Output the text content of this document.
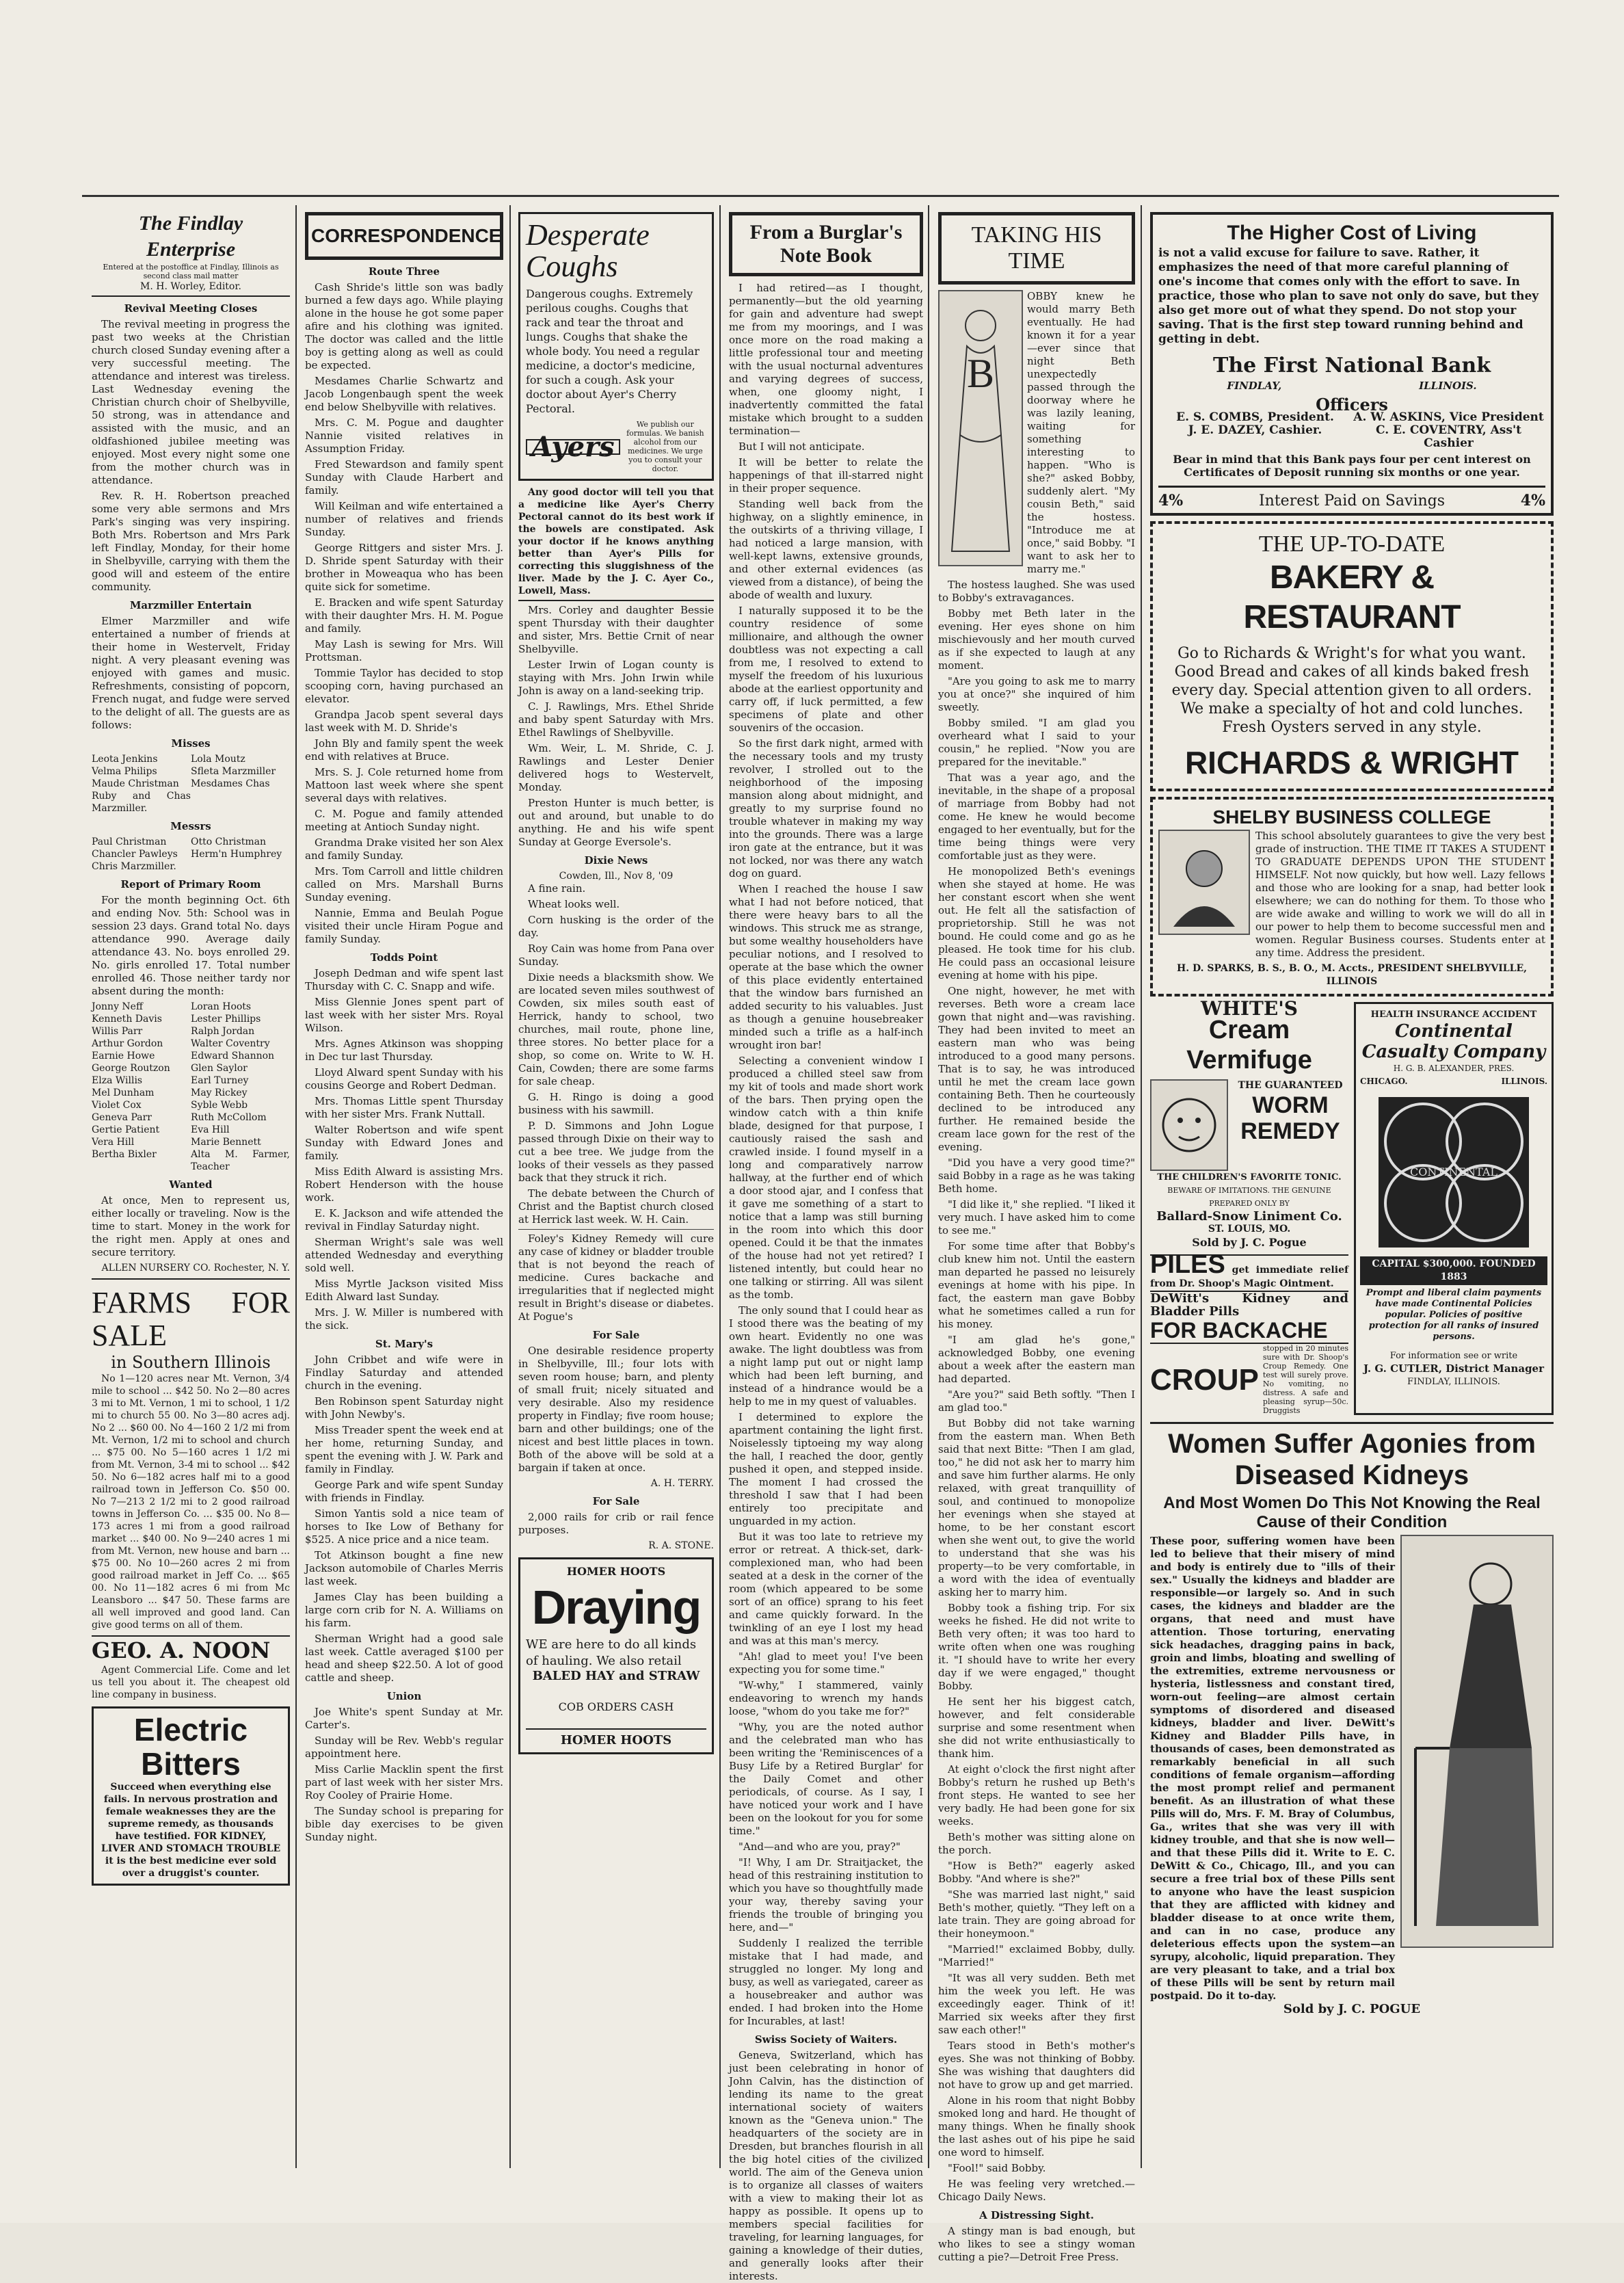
The Findlay Enterprise
Entered at the postoffice at Findlay, Illinois as second class mail matter
M. H. Worley, Editor.
Revival Meeting Closes

The revival meeting in progress the past two weeks at the Christian church closed Sunday evening after a very successful meeting. The attendance and interest was tireless. Last Wednesday evening the Christian church choir of Shelbyville, 50 strong, was in attendance and assisted with the music, and an oldfashioned jubilee meeting was enjoyed. Most every night some one from the mother church was in attendance.

Rev. R. H. Robertson preached some very able sermons and Mrs Park's singing was very inspiring. Both Mrs. Robertson and Mrs Park left Findlay, Monday, for their home in Shelbyville, carrying with them the good will and esteem of the entire community.

Marzmiller Entertain

Elmer Marzmiller and wife entertained a number of friends at their home in Westervelt, Friday night. A very pleasant evening was enjoyed with games and music. Refreshments, consisting of popcorn, French nugat, and fudge were served to the delight of all. The guests are as follows:

Misses
Leota Jenkins	Lola Moutz
Velma Philips	Sfleta Marzmiller
Maude Christman	Mesdames Chas
Ruby and Chas Marzmiller.
Messrs
Paul Christman	Otto Christman
Chancler Pawleys	Herm'n Humphrey
Chris Marzmiller.
Report of Primary Room

For the month beginning Oct. 6th and ending Nov. 5th: School was in session 23 days. Grand total No. days attendance 990. Average daily attendance 43. No. boys enrolled 29. No. girls enrolled 17. Total number enrolled 46. Those neither tardy nor absent during the month:

Jonny Neff	Loran Hoots
Kenneth Davis	Lester Phillips
Willis Parr	Ralph Jordan
Arthur Gordon	Walter Coventry
Earnie Howe	Edward Shannon
George Routzon	Glen Saylor
Elza Willis	Earl Turney
Mel Dunham	May Rickey
Violet Cox	Syble Webb
Geneva Parr	Ruth McCollom
Gertie Patient	Eva Hill
Vera Hill	Marie Bennett
Bertha Bixler	Alta M. Farmer, Teacher
Wanted

At once, Men to represent us, either locally or traveling. Now is the time to start. Money in the work for the right men. Apply at ones and secure territory.

ALLEN NURSERY CO. Rochester, N. Y.
FARMS FOR SALE
in Southern Illinois

No 1—120 acres near Mt. Vernon, 3/4 mile to school ... $42 50. No 2—80 acres 3 mi to Mt. Vernon, 1 mi to school, 1 1/2 mi to church 55 00. No 3—80 acres adj. No 2 ... $60 00. No 4—160 2 1/2 mi from Mt. Vernon, 1/2 mi to school and church ... $75 00. No 5—160 acres 1 1/2 mi from Mt. Vernon, 3-4 mi to school ... $42 50. No 6—182 acres half mi to a good railroad town in Jefferson Co. $50 00. No 7—213 2 1/2 mi to 2 good railroad towns in Jefferson Co. ... $35 00. No 8—173 acres 1 mi from a good railroad market ... $40 00. No 9—240 acres 1 mi from Mt. Vernon, new house and barn ... $75 00. No 10—260 acres 2 mi from good railroad market in Jeff Co. ... $65 00. No 11—182 acres 6 mi from Mc Leansboro ... $47 50. These farms are all well improved and good land. Can give good terms on all of them.

GEO. A. NOON

Agent Commercial Life. Come and let us tell you about it. The cheapest old line company in business.

Electric Bitters
Succeed when everything else fails. In nervous prostration and female weaknesses they are the supreme remedy, as thousands have testified. FOR KIDNEY, LIVER AND STOMACH TROUBLE it is the best medicine ever sold over a druggist's counter.
CORRESPONDENCE
Route Three

Cash Shride's little son was badly burned a few days ago. While playing alone in the house he got some paper afire and his clothing was ignited. The doctor was called and the little boy is getting along as well as could be expected.

Mesdames Charlie Schwartz and Jacob Longenbaugh spent the week end below Shelbyville with relatives.

Mrs. C. M. Pogue and daughter Nannie visited relatives in Assumption Friday.

Fred Stewardson and family spent Sunday with Claude Harbert and family.

Will Keilman and wife entertained a number of relatives and friends Sunday.

George Rittgers and sister Mrs. J. D. Shride spent Saturday with their brother in Moweaqua who has been quite sick for sometime.

E. Bracken and wife spent Saturday with their daughter Mrs. H. M. Pogue and family.

May Lash is sewing for Mrs. Will Prottsman.

Tommie Taylor has decided to stop scooping corn, having purchased an elevator.

Grandpa Jacob spent several days last week with M. D. Shride's

John Bly and family spent the week end with relatives at Bruce.

Mrs. S. J. Cole returned home from Mattoon last week where she spent several days with relatives.

C. M. Pogue and family attended meeting at Antioch Sunday night.

Grandma Drake visited her son Alex and family Sunday.

Mrs. Tom Carroll and little children called on Mrs. Marshall Burns Sunday evening.

Nannie, Emma and Beulah Pogue visited their uncle Hiram Pogue and family Sunday.

Todds Point

Joseph Dedman and wife spent last Thursday with C. C. Snapp and wife.

Miss Glennie Jones spent part of last week with her sister Mrs. Royal Wilson.

Mrs. Agnes Atkinson was shopping in Dec tur last Thursday.

Lloyd Alward spent Sunday with his cousins George and Robert Dedman.

Mrs. Thomas Little spent Thursday with her sister Mrs. Frank Nuttall.

Walter Robertson and wife spent Sunday with Edward Jones and family.

Miss Edith Alward is assisting Mrs. Robert Henderson with the house work.

E. K. Jackson and wife attended the revival in Findlay Saturday night.

Sherman Wright's sale was well attended Wednesday and everything sold well.

Miss Myrtle Jackson visited Miss Edith Alward last Sunday.

Mrs. J. W. Miller is numbered with the sick.

St. Mary's

John Cribbet and wife were in Findlay Saturday and attended church in the evening.

Ben Robinson spent Saturday night with John Newby's.

Miss Treader spent the week end at her home, returning Sunday, and spent the evening with J. W. Park and family in Findlay.

George Park and wife spent Sunday with friends in Findlay.

Simon Yantis sold a nice team of horses to Ike Low of Bethany for $525. A nice price and a nice team.

Tot Atkinson bought a fine new Jackson automobile of Charles Merris last week.

James Clay has been building a large corn crib for N. A. Williams on his farm.

Sherman Wright had a good sale last week. Cattle averaged $100 per head and sheep $22.50. A lot of good cattle and sheep.

Union

Joe White's spent Sunday at Mr. Carter's.

Sunday will be Rev. Webb's regular appointment here.

Miss Carlie Macklin spent the first part of last week with her sister Mrs. Roy Cooley of Prairie Home.

The Sunday school is preparing for bible day exercises to be given Sunday night.

Desperate Coughs
Dangerous coughs. Extremely perilous coughs. Coughs that rack and tear the throat and lungs. Coughs that shake the whole body. You need a regular medicine, a doctor's medicine, for such a cough. Ask your doctor about Ayer's Cherry Pectoral.
Ayers
We publish our formulas. We banish alcohol from our medicines. We urge you to consult your doctor.

Any good doctor will tell you that a medicine like Ayer's Cherry Pectoral cannot do its best work if the bowels are constipated. Ask your doctor if he knows anything better than Ayer's Pills for correcting this sluggishness of the liver. Made by the J. C. Ayer Co., Lowell, Mass.

Mrs. Corley and daughter Bessie spent Thursday with their daughter and sister, Mrs. Bettie Crnit of near Shelbyville.

Lester Irwin of Logan county is staying with Mrs. John Irwin while John is away on a land-seeking trip.

C. J. Rawlings, Mrs. Ethel Shride and baby spent Saturday with Mrs. Ethel Rawlings of Shelbyville.

Wm. Weir, L. M. Shride, C. J. Rawlings and Lester Denier delivered hogs to Westervelt, Monday.

Preston Hunter is much better, is out and around, but unable to do anything. He and his wife spent Sunday at George Eversole's.

Dixie News
Cowden, Ill., Nov 8, '09

A fine rain.

Wheat looks well.

Corn husking is the order of the day.

Roy Cain was home from Pana over Sunday.

Dixie needs a blacksmith show. We are located seven miles southwest of Cowden, six miles south east of Herrick, handy to school, two churches, mail route, phone line, three stores. No better place for a shop, so come on. Write to W. H. Cain, Cowden; there are some farms for sale cheap.

G. H. Ringo is doing a good business with his sawmill.

P. D. Simmons and John Logue passed through Dixie on their way to cut a bee tree. We judge from the looks of their vessels as they passed back that they struck it rich.

The debate between the Church of Christ and the Baptist church closed at Herrick last week. W. H. Cain.

Foley's Kidney Remedy will cure any case of kidney or bladder trouble that is not beyond the reach of medicine. Cures backache and irregularities that if neglected might result in Bright's disease or diabetes. At Pogue's

For Sale

One desirable residence property in Shelbyville, Ill.; four lots with seven room house; barn, and plenty of small fruit; nicely situated and very desirable. Also my residence property in Findlay; five room house; barn and other buildings; one of the nicest and best little places in town. Both of the above will be sold at a bargain if taken at once.

A. H. TERRY.
For Sale

2,000 rails for crib or rail fence purposes.

R. A. STONE.
HOMER HOOTS
Draying
WE are here to do all kinds of hauling. We also retail
BALED HAY and STRAW
COB ORDERS CASH
HOMER HOOTS
From a Burglar's Note Book

I had retired—as I thought, permanently—but the old yearning for gain and adventure had swept me from my moorings, and I was once more on the road making a little professional tour and meeting with the usual nocturnal adventures and varying degrees of success, when, one gloomy night, I inadvertently committed the fatal mistake which brought to a sudden termination—

But I will not anticipate.

It will be better to relate the happenings of that ill-starred night in their proper sequence.

Standing well back from the highway, on a slightly eminence, in the outskirts of a thriving village, I had noticed a large mansion, with well-kept lawns, extensive grounds, and other external evidences (as viewed from a distance), of being the abode of wealth and luxury.

I naturally supposed it to be the country residence of some millionaire, and although the owner doubtless was not expecting a call from me, I resolved to extend to myself the freedom of his luxurious abode at the earliest opportunity and carry off, if luck permitted, a few specimens of plate and other souvenirs of the occasion.

So the first dark night, armed with the necessary tools and my trusty revolver, I strolled out to the neighborhood of the imposing mansion along about midnight, and greatly to my surprise found no trouble whatever in making my way into the grounds. There was a large iron gate at the entrance, but it was not locked, nor was there any watch dog on guard.

When I reached the house I saw what I had not before noticed, that there were heavy bars to all the windows. This struck me as strange, but some wealthy householders have peculiar notions, and I resolved to operate at the base which the owner of this place evidently entertained that the window bars furnished an added security to his valuables. Just as though a genuine housebreaker minded such a trifle as a half-inch wrought iron bar!

Selecting a convenient window I produced a chilled steel saw from my kit of tools and made short work of the bars. Then prying open the window catch with a thin knife blade, designed for that purpose, I cautiously raised the sash and crawled inside. I found myself in a long and comparatively narrow hallway, at the further end of which a door stood ajar, and I confess that it gave me something of a start to notice that a lamp was still burning in the room into which this door opened. Could it be that the inmates of the house had not yet retired? I listened intently, but could hear no one talking or stirring. All was silent as the tomb.

The only sound that I could hear as I stood there was the beating of my own heart. Evidently no one was awake. The light doubtless was from a night lamp put out or night lamp which had been left burning, and instead of a hindrance would be a help to me in my quest of valuables.

I determined to explore the apartment containing the light first. Noiselessly tiptoeing my way along the hall, I reached the door, gently pushed it open, and stepped inside. The moment I had crossed the threshold I saw that I had been entirely too precipitate and unguarded in my action.

But it was too late to retrieve my error or retreat. A thick-set, dark-complexioned man, who had been seated at a desk in the corner of the room (which appeared to be some sort of an office) sprang to his feet and came quickly forward. In the twinkling of an eye I lost my head and was at this man's mercy.

"Ah! glad to meet you! I've been expecting you for some time."

"W-why," I stammered, vainly endeavoring to wrench my hands loose, "whom do you take me for?"

"Why, you are the noted author and the celebrated man who has been writing the 'Reminiscences of a Busy Life by a Retired Burglar' for the Daily Comet and other periodicals, of course. As I say, I have noticed your work and I have been on the lookout for you for some time."

"And—and who are you, pray?"

"I! Why, I am Dr. Straitjacket, the head of this restraining institution to which you have so thoughtfully made your way, thereby saving your friends the trouble of bringing you here, and—"

Suddenly I realized the terrible mistake that I had made, and struggled no longer. My long and busy, as well as variegated, career as a housebreaker and author was ended. I had broken into the Home for Incurables, at last!

Swiss Society of Waiters.

Geneva, Switzerland, which has just been celebrating in honor of John Calvin, has the distinction of lending its name to the great international society of waiters known as the "Geneva union." The headquarters of the society are in Dresden, but branches flourish in all the big hotel cities of the civilized world. The aim of the Geneva union is to organize all classes of waiters with a view to making their lot as happy as possible. It opens up to members special facilities for traveling, for learning languages, for gaining a knowledge of their duties, and generally looks after their interests.

TAKING HIS TIME
B

OBBY knew he would marry Beth eventually. He had known it for a year—ever since that night Beth unexpectedly passed through the doorway where he was lazily leaning, waiting for something interesting to happen. "Who is she?" asked Bobby, suddenly alert. "My cousin Beth," said the hostess. "Introduce me at once," said Bobby. "I want to ask her to marry me."

The hostess laughed. She was used to Bobby's extravagances.

Bobby met Beth later in the evening. Her eyes shone on him mischievously and her mouth curved as if she expected to laugh at any moment.

"Are you going to ask me to marry you at once?" she inquired of him sweetly.

Bobby smiled. "I am glad you overheard what I said to your cousin," he replied. "Now you are prepared for the inevitable."

That was a year ago, and the inevitable, in the shape of a proposal of marriage from Bobby had not come. He knew he would become engaged to her eventually, but for the time being things were very comfortable just as they were.

He monopolized Beth's evenings when she stayed at home. He was her constant escort when she went out. He felt all the satisfaction of proprietorship. Still he was not bound. He could come and go as he pleased. He took time for his club. He could pass an occasional leisure evening at home with his pipe.

One night, however, he met with reverses. Beth wore a cream lace gown that night and—was ravishing. They had been invited to meet an eastern man who was being introduced to a good many persons. That is to say, he was introduced until he met the cream lace gown containing Beth. Then he courteously declined to be introduced any further. He remained beside the cream lace gown for the rest of the evening.

"Did you have a very good time?" said Bobby in a rage as he was taking Beth home.

"I did like it," she replied. "I liked it very much. I have asked him to come to see me."

For some time after that Bobby's club knew him not. Until the eastern man departed he passed no leisurely evenings at home with his pipe. In fact, the eastern man gave Bobby what he sometimes called a run for his money.

"I am glad he's gone," acknowledged Bobby, one evening about a week after the eastern man had departed.

"Are you?" said Beth softly. "Then I am glad too."

But Bobby did not take warning from the eastern man. When Beth said that next Bitte: "Then I am glad, too," he did not ask her to marry him and save him further alarms. He only relaxed, with great tranquillity of soul, and continued to monopolize her evenings when she stayed at home, to be her constant escort when she went out, to give the world to understand that she was his property—to be very comfortable, in a word with the idea of eventually asking her to marry him.

Bobby took a fishing trip. For six weeks he fished. He did not write to Beth very often; it was too hard to write often when one was roughing it. "I should have to write her every day if we were engaged," thought Bobby.

He sent her his biggest catch, however, and felt considerable surprise and some resentment when she did not write enthusiastically to thank him.

At eight o'clock the first night after Bobby's return he rushed up Beth's front steps. He wanted to see her very badly. He had been gone for six weeks.

Beth's mother was sitting alone on the porch.

"How is Beth?" eagerly asked Bobby. "And where is she?"

"She was married last night," said Beth's mother, quietly. "They left on a late train. They are going abroad for their honeymoon."

"Married!" exclaimed Bobby, dully. "Married!"

"It was all very sudden. Beth met him the week you left. He was exceedingly eager. Think of it! Married six weeks after they first saw each other!"

Tears stood in Beth's mother's eyes. She was not thinking of Bobby. She was wishing that daughters did not have to grow up and get married.

Alone in his room that night Bobby smoked long and hard. He thought of many things. When he finally shook the last ashes out of his pipe he said one word to himself.

"Fool!" said Bobby.

He was feeling very wretched.—Chicago Daily News.

A Distressing Sight.

A stingy man is bad enough, but who likes to see a stingy woman cutting a pie?—Detroit Free Press.

The Higher Cost of Living
is not a valid excuse for failure to save. Rather, it emphasizes the need of that more careful planning of one's income that comes only with the effort to save. In practice, those who plan to save not only do save, but they also get more out of what they spend. Do not stop your saving. That is the first step toward running behind and getting in debt.
The First National Bank
FINDLAY,	ILLINOIS.
Officers
E. S. COMBS, President.	A. W. ASKINS, Vice President
J. E. DAZEY, Cashier.	C. E. COVENTRY, Ass't Cashier
Bear in mind that this Bank pays four per cent interest on Certificates of Deposit running six months or one year.
4%	Interest Paid on Savings	4%
THE UP-TO-DATE
BAKERY & RESTAURANT
Go to Richards & Wright's for what you want. Good Bread and cakes of all kinds baked fresh every day. Special attention given to all orders. We make a specialty of hot and cold lunches. Fresh Oysters served in any style.
RICHARDS & WRIGHT
SHELBY BUSINESS COLLEGE
This school absolutely guarantees to give the very best grade of instruction. THE TIME IT TAKES A STUDENT TO GRADUATE DEPENDS UPON THE STUDENT HIMSELF. Not now quickly, but how well. Lazy fellows and those who are looking for a snap, had better look elsewhere; we can do nothing for them. To those who are wide awake and willing to work we will do all in our power to help them to become successful men and women. Regular Business courses. Students enter at any time. Address the president.
H. D. SPARKS, B. S., B. O., M. Accts., PRESIDENT SHELBYVILLE, ILLINOIS
WHITE'S
Cream Vermifuge
THE GUARANTEED
WORM REMEDY
THE CHILDREN'S FAVORITE TONIC.
BEWARE OF IMITATIONS. THE GENUINE PREPARED ONLY BY
Ballard-Snow Liniment Co.
ST. LOUIS, MO.
Sold by J. C. Pogue
PILES get immediate relief from Dr. Shoop's Magic Ointment.
DeWitt's Kidney and Bladder Pills
FOR BACKACHE
CROUP
stopped in 20 minutes sure with Dr. Shoop's Croup Remedy. One test will surely prove. No vomiting, no distress. A safe and pleasing syrup—50c. Druggists
HEALTH INSURANCE ACCIDENT
Continental Casualty Company
H. G. B. ALEXANDER, PRES.
CHICAGO.	ILLINOIS.
CONTINENTAL
CAPITAL $300,000. FOUNDED 1883
Prompt and liberal claim payments have made Continental Policies popular. Policies of positive protection for all ranks of insured persons.
For information see or write
J. G. CUTLER, District Manager
FINDLAY, ILLINOIS.
Women Suffer Agonies from Diseased Kidneys
And Most Women Do This Not Knowing the Real Cause of their Condition
These poor, suffering women have been led to believe that their misery of mind and body is entirely due to "ills of their sex." Usually the kidneys and bladder are responsible—or largely so. And in such cases, the kidneys and bladder are the organs, that need and must have attention. Those torturing, enervating sick headaches, dragging pains in back, groin and limbs, bloating and swelling of the extremities, extreme nervousness or hysteria, listlessness and constant tired, worn-out feeling—are almost certain symptoms of disordered and diseased kidneys, bladder and liver. DeWitt's Kidney and Bladder Pills have, in thousands of cases, been demonstrated as remarkably beneficial in all such conditions of female organism—affording the most prompt relief and permanent benefit. As an illustration of what these Pills will do, Mrs. F. M. Bray of Columbus, Ga., writes that she was very ill with kidney trouble, and that she is now well—and that these Pills did it. Write to E. C. DeWitt & Co., Chicago, Ill., and you can secure a free trial box of these Pills sent to anyone who have the least suspicion that they are afflicted with kidney and bladder disease to at once write them, and can in no case, produce any deleterious effects upon the system—an syrupy, alcoholic, liquid preparation. They are very pleasant to take, and a trial box of these Pills will be sent by return mail postpaid. Do it to-day.
Sold by J. C. POGUE
